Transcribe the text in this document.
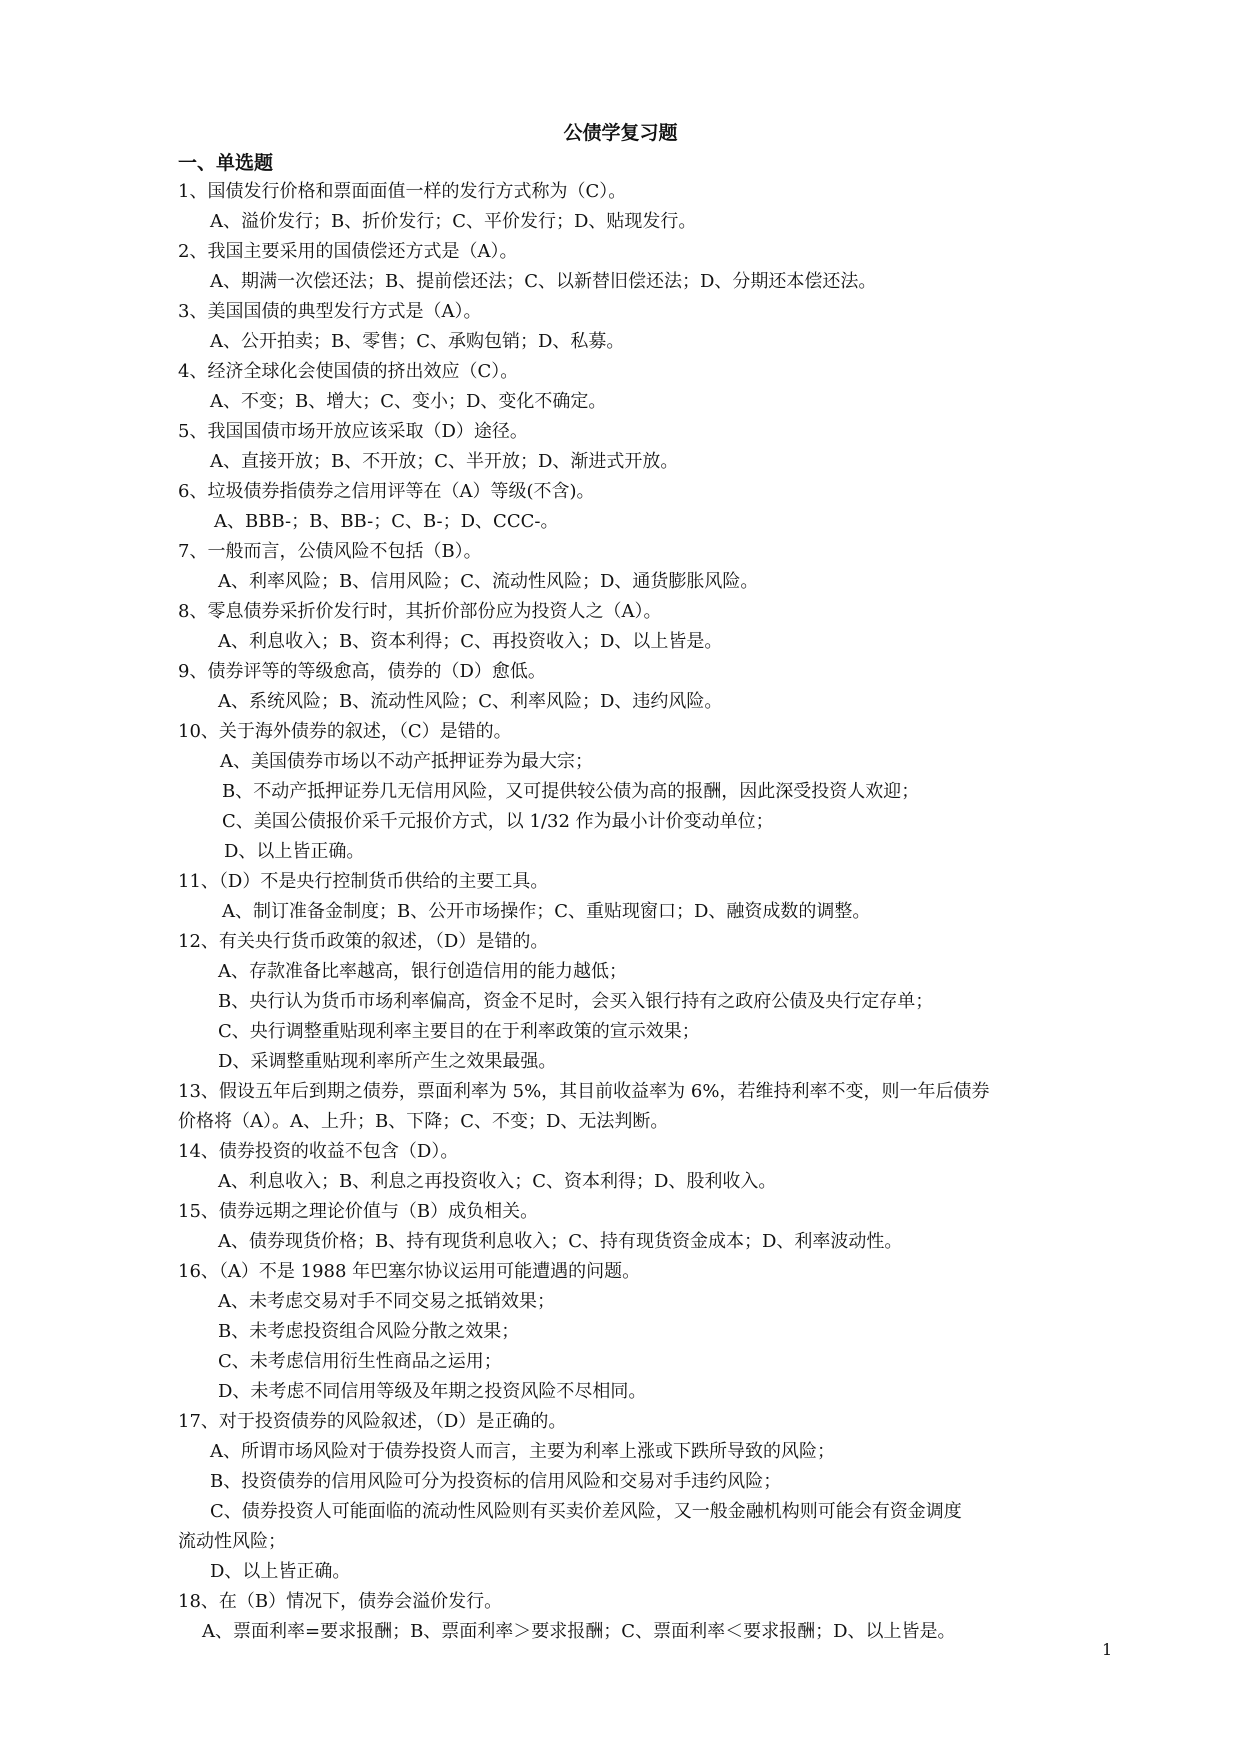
公债学复习题
一、单选题
1、国债发行价格和票面面值一样的发行方式称为（C）。
A、溢价发行；B、折价发行；C、平价发行；D、贴现发行。
2、我国主要采用的国债偿还方式是（A）。
A、期满一次偿还法；B、提前偿还法；C、以新替旧偿还法；D、分期还本偿还法。
3、美国国债的典型发行方式是（A）。
A、公开拍卖；B、零售；C、承购包销；D、私募。
4、经济全球化会使国债的挤出效应（C）。
A、不变；B、增大；C、变小；D、变化不确定。
5、我国国债市场开放应该采取（D）途径。
A、直接开放；B、不开放；C、半开放；D、渐进式开放。
6、垃圾债券指债券之信用评等在（A）等级(不含)。
A、BBB-；B、BB-；C、B-；D、CCC-。
7、一般而言，公债风险不包括（B）。
A、利率风险；B、信用风险；C、流动性风险；D、通货膨胀风险。
8、零息债券采折价发行时，其折价部份应为投资人之（A）。
A、利息收入；B、资本利得；C、再投资收入；D、以上皆是。
9、债券评等的等级愈高，债券的（D）愈低。
A、系统风险；B、流动性风险；C、利率风险；D、违约风险。
10、关于海外债券的叙述，（C）是错的。
A、美国债券市场以不动产抵押证券为最大宗；
B、不动产抵押证券几无信用风险，又可提供较公债为高的报酬，因此深受投资人欢迎；
C、美国公债报价采千元报价方式，以 1/32 作为最小计价变动单位；
D、以上皆正确。
11、（D）不是央行控制货币供给的主要工具。
A、制订准备金制度；B、公开市场操作；C、重贴现窗口；D、融资成数的调整。
12、有关央行货币政策的叙述，（D）是错的。
A、存款准备比率越高，银行创造信用的能力越低；
B、央行认为货币市场利率偏高，资金不足时，会买入银行持有之政府公债及央行定存单；
C、央行调整重贴现利率主要目的在于利率政策的宣示效果；
D、采调整重贴现利率所产生之效果最强。
13、假设五年后到期之债券，票面利率为 5%，其目前收益率为 6%，若维持利率不变，则一年后债券
价格将（A）。A、上升；B、下降；C、不变；D、无法判断。
14、债券投资的收益不包含（D）。
A、利息收入；B、利息之再投资收入；C、资本利得；D、股利收入。
15、债券远期之理论价值与（B）成负相关。
A、债券现货价格；B、持有现货利息收入；C、持有现货资金成本；D、利率波动性。
16、（A）不是 1988 年巴塞尔协议运用可能遭遇的问题。
A、未考虑交易对手不同交易之抵销效果；
B、未考虑投资组合风险分散之效果；
C、未考虑信用衍生性商品之运用；
D、未考虑不同信用等级及年期之投资风险不尽相同。
17、对于投资债券的风险叙述，（D）是正确的。
A、所谓市场风险对于债券投资人而言，主要为利率上涨或下跌所导致的风险；
B、投资债券的信用风险可分为投资标的信用风险和交易对手违约风险；
C、债券投资人可能面临的流动性风险则有买卖价差风险，又一般金融机构则可能会有资金调度
流动性风险；
D、以上皆正确。
18、在（B）情况下，债券会溢价发行。
A、票面利率=要求报酬；B、票面利率＞要求报酬；C、票面利率＜要求报酬；D、以上皆是。
1
